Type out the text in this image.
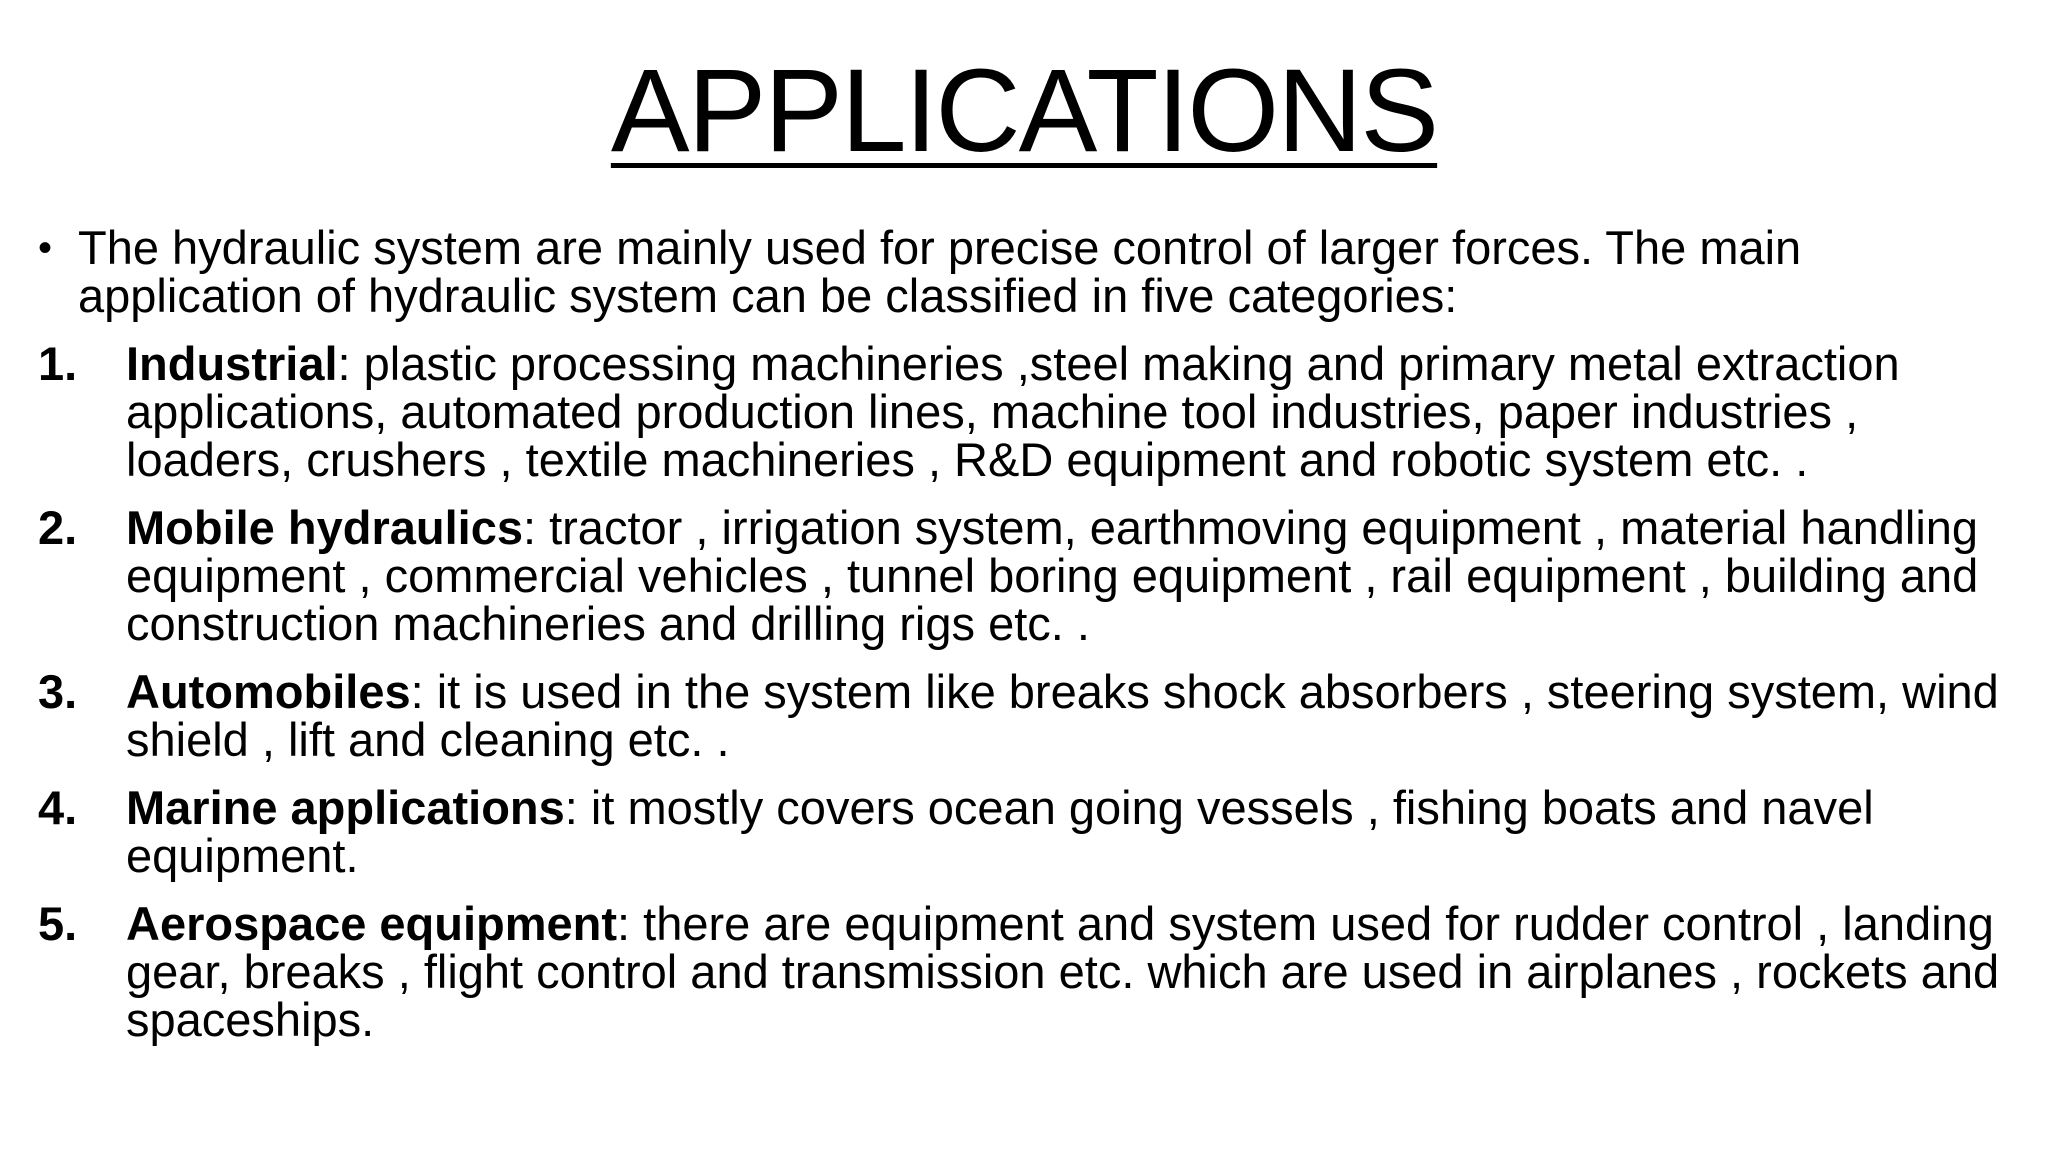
APPLICATIONS

• The hydraulic system are mainly used for precise control of larger forces. The main application of hydraulic system can be classified in five categories:

1. Industrial: plastic processing machineries ,steel making and primary metal extraction applications, automated production lines, machine tool industries, paper industries , loaders, crushers , textile machineries , R&D equipment and robotic system etc. .

2. Mobile hydraulics: tractor , irrigation system, earthmoving equipment , material handling equipment , commercial vehicles , tunnel boring equipment , rail equipment , building and construction machineries and drilling rigs etc. .

3. Automobiles: it is used in the system like breaks shock absorbers , steering system, wind shield , lift and cleaning etc. .

4. Marine applications: it mostly covers ocean going vessels , fishing boats and navel equipment.

5. Aerospace equipment: there are equipment and system used for rudder control , landing gear, breaks , flight control and transmission etc. which are used in airplanes , rockets and spaceships.
